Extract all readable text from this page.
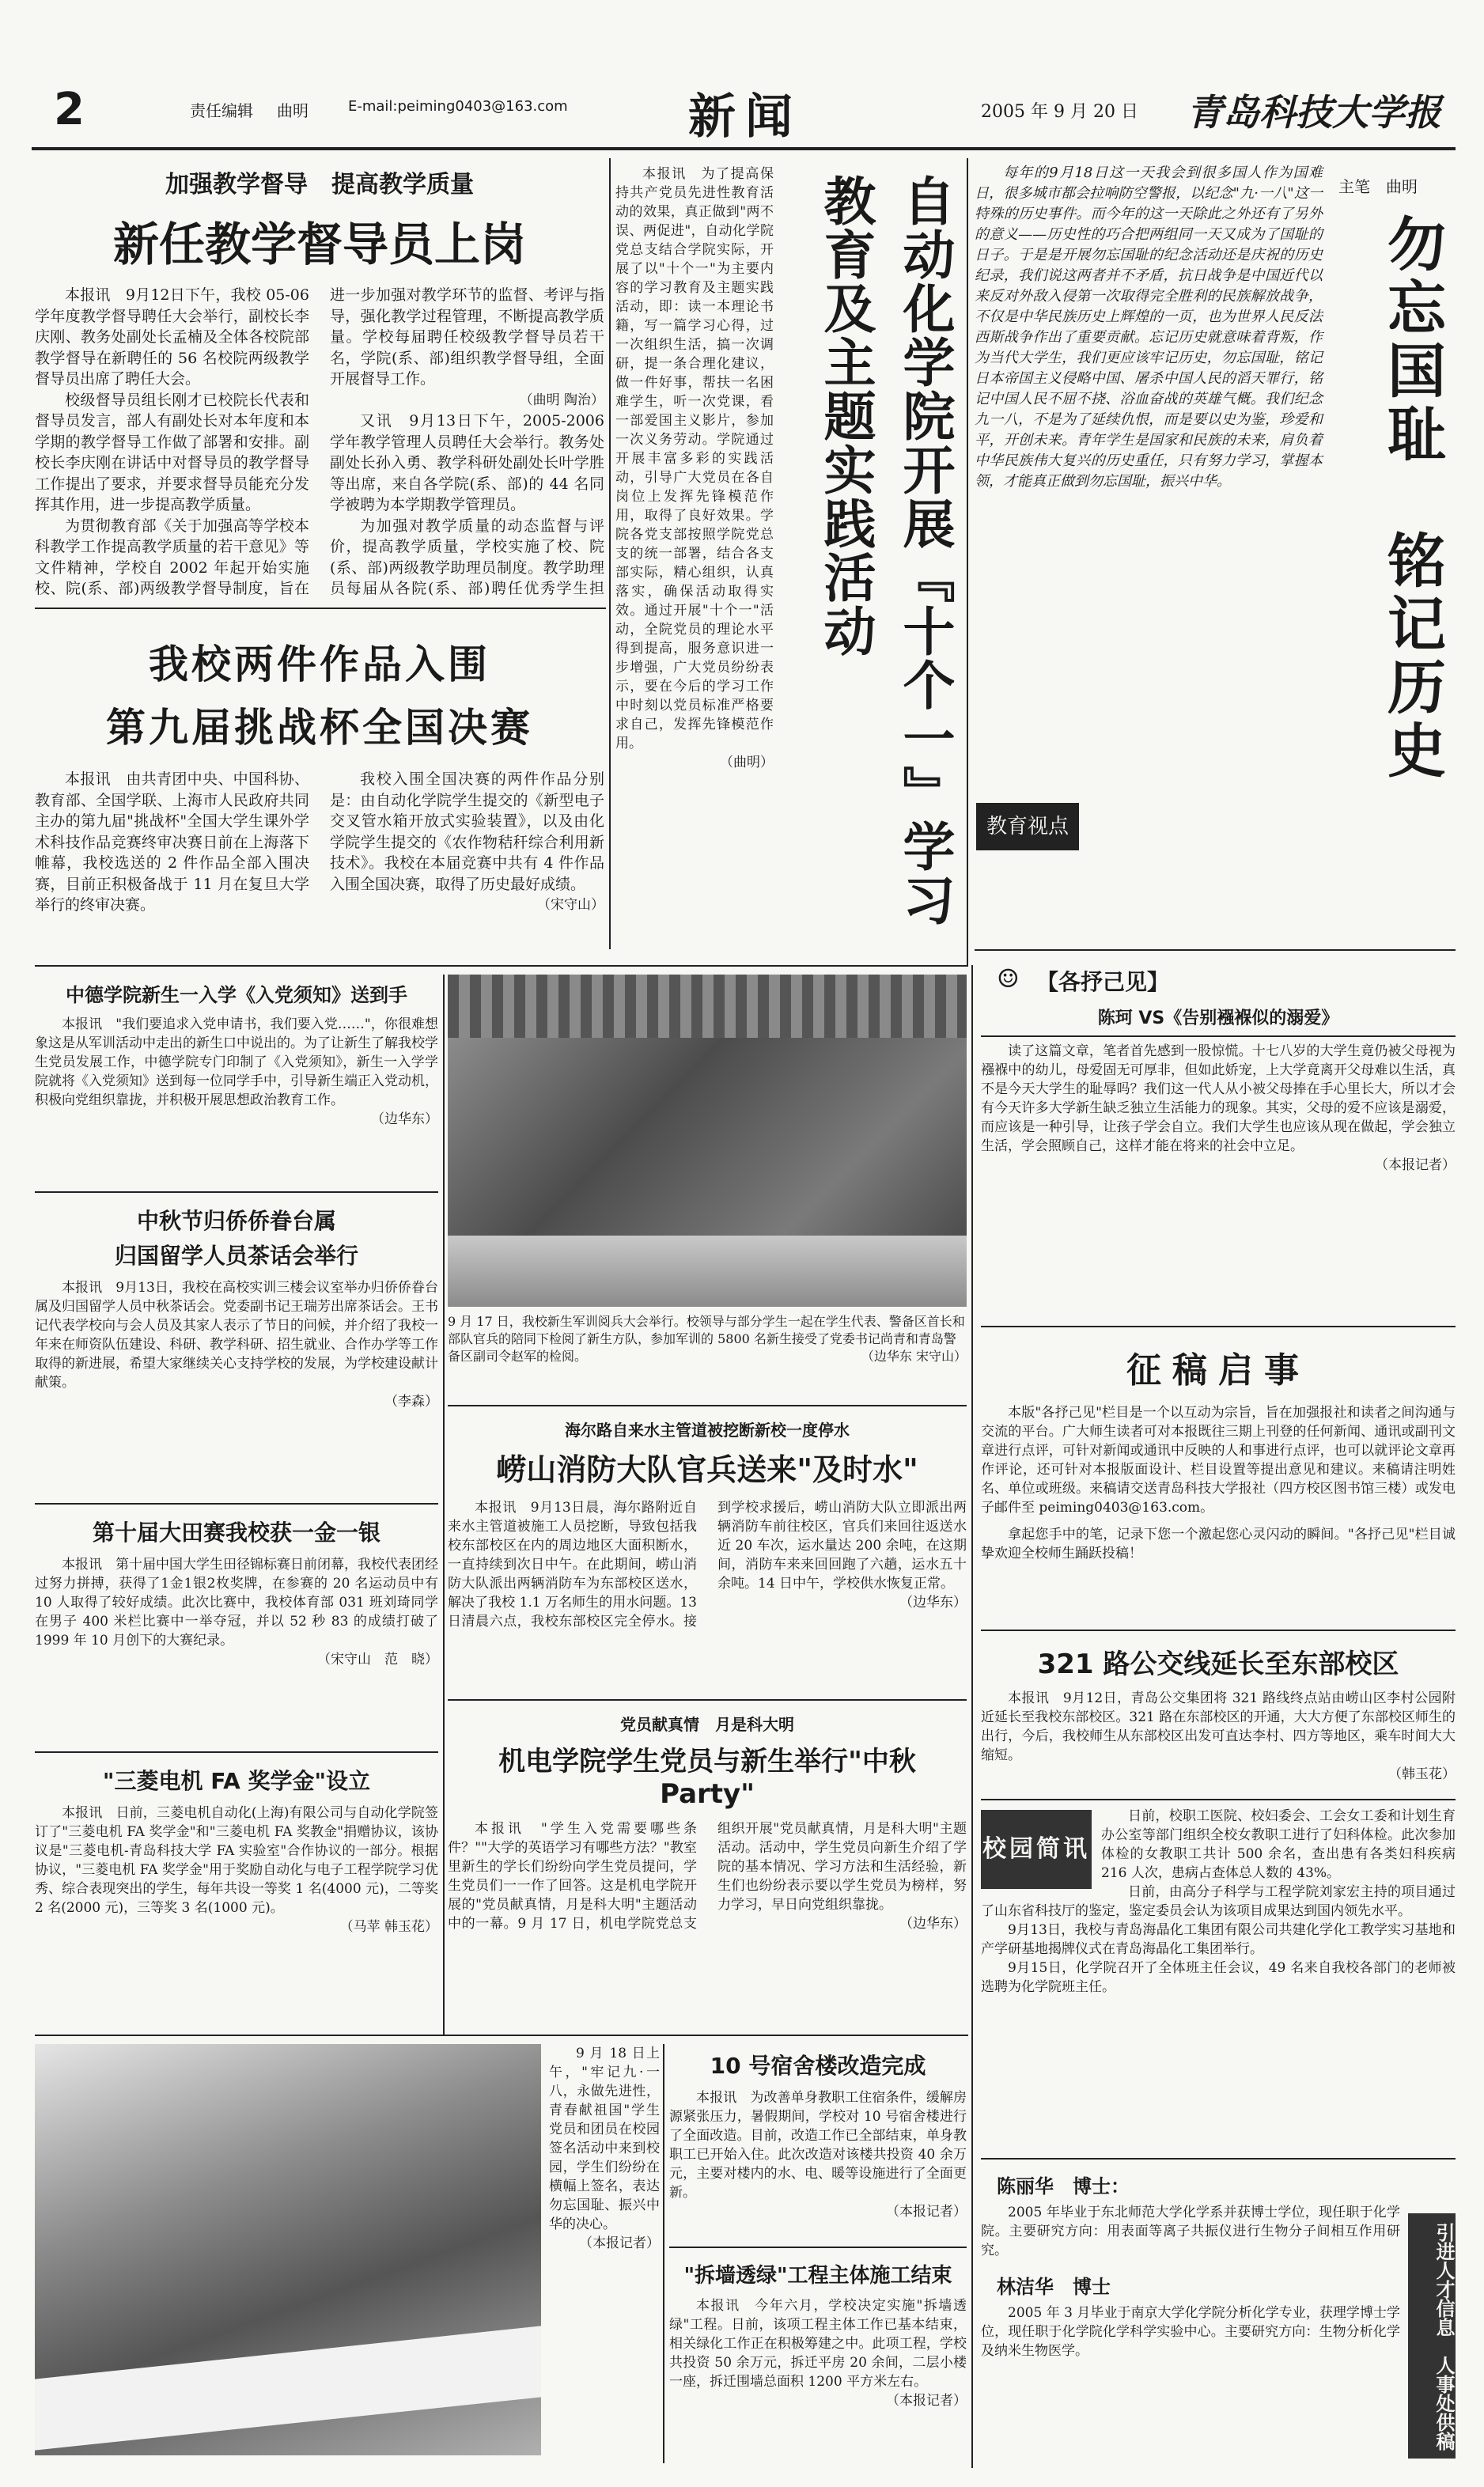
2	责任编辑 曲明	E-mail:peiming0403@163.com	新闻	2005 年 9 月 20 日 青岛科技大学报
加强教学督导　提高教学质量
新任教学督导员上岗

本报讯　9月12日下午，我校 05-06 学年度教学督导聘任大会举行，副校长李庆刚、教务处副处长孟楠及全体各校院部教学督导在新聘任的 56 名校院两级教学督导员出席了聘任大会。

校级督导员组长刚才已校院长代表和督导员发言，部人有副处长对本年度和本学期的教学督导工作做了部署和安排。副校长李庆刚在讲话中对督导员的教学督导工作提出了要求，并要求督导员能充分发挥其作用，进一步提高教学质量。

为贯彻教育部《关于加强高等学校本科教学工作提高教学质量的若干意见》等文件精神，学校自 2002 年起开始实施校、院(系、部)两级教学督导制度，旨在进一步加强对教学环节的监督、考评与指导，强化教学过程管理，不断提高教学质量。学校每届聘任校级教学督导员若干名，学院(系、部)组织教学督导组，全面开展督导工作。

（曲明 陶治）

又讯　9月13日下午，2005-2006 学年教学管理人员聘任大会举行。教务处副处长孙入勇、教学科研处副处长叶学胜等出席，来自各学院(系、部)的 44 名同学被聘为本学期教学管理员。

为加强对教学质量的动态监督与评价，提高教学质量，学校实施了校、院(系、部)两级教学助理员制度。教学助理员每届从各院(系、部)聘任优秀学生担

我校两件作品入围
第九届挑战杯全国决赛

本报讯　由共青团中央、中国科协、教育部、全国学联、上海市人民政府共同主办的第九届"挑战杯"全国大学生课外学术科技作品竞赛终审决赛日前在上海落下帷幕，我校选送的 2 件作品全部入围决赛，目前正积极备战于 11 月在复旦大学举行的终审决赛。

我校入围全国决赛的两件作品分别是：由自动化学院学生提交的《新型电子交叉管水箱开放式实验装置》，以及由化学院学生提交的《农作物秸秆综合利用新技术》。我校在本届竞赛中共有 4 件作品入围全国决赛，取得了历史最好成绩。

（宋守山）

本报讯　为了提高保持共产党员先进性教育活动的效果，真正做到"两不误、两促进"，自动化学院党总支结合学院实际，开展了以"十个一"为主要内容的学习教育及主题实践活动，即：读一本理论书籍，写一篇学习心得，过一次组织生活，搞一次调研，提一条合理化建议，做一件好事，帮扶一名困难学生，听一次党课，看一部爱国主义影片，参加一次义务劳动。学院通过开展丰富多彩的实践活动，引导广大党员在各自岗位上发挥先锋模范作用，取得了良好效果。学院各党支部按照学院党总支的统一部署，结合各支部实际，精心组织，认真落实，确保活动取得实效。通过开展"十个一"活动，全院党员的理论水平得到提高，服务意识进一步增强，广大党员纷纷表示，要在今后的学习工作中时刻以党员标准严格要求自己，发挥先锋模范作用。

（曲明）	自动化学院开展『十个一』学习教育及主题实践活动

每年的9月18日这一天我会到很多国人作为国难日，很多城市都会拉响防空警报，以纪念"九·一八"这一特殊的历史事件。而今年的这一天除此之外还有了另外的意义——历史性的巧合把两组同一天又成为了国耻的日子。于是是开展勿忘国耻的纪念活动还是庆祝的历史纪录，我们说这两者并不矛盾，抗日战争是中国近代以来反对外敌入侵第一次取得完全胜利的民族解放战争，不仅是中华民族历史上辉煌的一页，也为世界人民反法西斯战争作出了重要贡献。忘记历史就意味着背叛，作为当代大学生，我们更应该牢记历史，勿忘国耻，铭记日本帝国主义侵略中国、屠杀中国人民的滔天罪行，铭记中国人民不屈不挠、浴血奋战的英雄气概。我们纪念九一八，不是为了延续仇恨，而是要以史为鉴，珍爱和平，开创未来。青年学生是国家和民族的未来，肩负着中华民族伟大复兴的历史重任，只有努力学习，掌握本领，才能真正做到勿忘国耻，振兴中华。

主笔　曲明
勿忘国耻　铭记历史
教育视点
中德学院新生一入学《入党须知》送到手

本报讯　"我们要追求入党申请书，我们要入党……"，你很难想象这是从军训活动中走出的新生口中说出的。为了让新生了解我校学生党员发展工作，中德学院专门印制了《入党须知》，新生一入学学院就将《入党须知》送到每一位同学手中，引导新生端正入党动机，积极向党组织靠拢，并积极开展思想政治教育工作。

（边华东）
中秋节归侨侨眷台属
归国留学人员茶话会举行

本报讯　9月13日，我校在高校实训三楼会议室举办归侨侨眷台属及归国留学人员中秋茶话会。党委副书记王瑞芳出席茶话会。王书记代表学校向与会人员及其家人表示了节日的问候，并介绍了我校一年来在师资队伍建设、科研、教学科研、招生就业、合作办学等工作取得的新进展，希望大家继续关心支持学校的发展，为学校建设献计献策。

（李森）
第十届大田赛我校获一金一银

本报讯　第十届中国大学生田径锦标赛日前闭幕，我校代表团经过努力拼搏，获得了1金1银2枚奖牌，在参赛的 20 名运动员中有 10 人取得了较好成绩。此次比赛中，我校体育部 031 班刘琦同学在男子 400 米栏比赛中一举夺冠，并以 52 秒 83 的成绩打破了 1999 年 10 月创下的大赛纪录。

（宋守山　范　晓）
"三菱电机 FA 奖学金"设立

本报讯　日前，三菱电机自动化(上海)有限公司与自动化学院签订了"三菱电机 FA 奖学金"和"三菱电机 FA 奖教金"捐赠协议，该协议是"三菱电机-青岛科技大学 FA 实验室"合作协议的一部分。根据协议，"三菱电机 FA 奖学金"用于奖励自动化与电子工程学院学习优秀、综合表现突出的学生，每年共设一等奖 1 名(4000 元)，二等奖 2 名(2000 元)，三等奖 3 名(1000 元)。

（马苹 韩玉花）
9 月 17 日，我校新生军训阅兵大会举行。校领导与部分学生一起在学生代表、警备区首长和部队官兵的陪同下检阅了新生方队，参加军训的 5800 名新生接受了党委书记尚青和青岛警备区副司令赵军的检阅。	（边华东 宋守山）
海尔路自来水主管道被挖断新校一度停水
崂山消防大队官兵送来"及时水"

本报讯　9月13日晨，海尔路附近自来水主管道被施工人员挖断，导致包括我校东部校区在内的周边地区大面积断水，一直持续到次日中午。在此期间，崂山消防大队派出两辆消防车为东部校区送水，解决了我校 1.1 万名师生的用水问题。13 日清晨六点，我校东部校区完全停水。接到学校求援后，崂山消防大队立即派出两辆消防车前往校区，官兵们来回往返送水近 20 车次，运水量达 200 余吨，在这期间，消防车来来回回跑了六趟，运水五十余吨。14 日中午，学校供水恢复正常。

（边华东）
党员献真情　月是科大明
机电学院学生党员与新生举行"中秋 Party"

本报讯　"学生入党需要哪些条件？""大学的英语学习有哪些方法？"教室里新生的学长们纷纷向学生党员提问，学生党员们一一作了回答。这是机电学院开展的"党员献真情，月是科大明"主题活动中的一幕。9 月 17 日，机电学院党总支组织开展"党员献真情，月是科大明"主题活动。活动中，学生党员向新生介绍了学院的基本情况、学习方法和生活经验，新生们也纷纷表示要以学生党员为榜样，努力学习，早日向党组织靠拢。

（边华东）

9 月 18 日上午，"牢记九·一八，永做先进性，青春献祖国"学生党员和团员在校园签名活动中来到校园，学生们纷纷在横幅上签名，表达勿忘国耻、振兴中华的决心。

（本报记者）
10 号宿舍楼改造完成

本报讯　为改善单身教职工住宿条件，缓解房源紧张压力，暑假期间，学校对 10 号宿舍楼进行了全面改造。目前，改造工作已全部结束，单身教职工已开始入住。此次改造对该楼共投资 40 余万元，主要对楼内的水、电、暖等设施进行了全面更新。

（本报记者）
"拆墙透绿"工程主体施工结束

本报讯　今年六月，学校决定实施"拆墙透绿"工程。日前，该项工程主体工作已基本结束，相关绿化工作正在积极筹建之中。此项工程，学校共投资 50 余万元，拆迁平房 20 余间，二层小楼一座，拆迁围墙总面积 1200 平方米左右。

（本报记者）
☺ 【各抒己见】
陈珂 VS《告别襁褓似的溺爱》

读了这篇文章，笔者首先感到一股惊慌。十七八岁的大学生竟仍被父母视为襁褓中的幼儿，母爱固无可厚非，但如此娇宠，上大学竟离开父母难以生活，真不是今天大学生的耻辱吗？我们这一代人从小被父母捧在手心里长大，所以才会有今天许多大学新生缺乏独立生活能力的现象。其实，父母的爱不应该是溺爱，而应该是一种引导，让孩子学会自立。我们大学生也应该从现在做起，学会独立生活，学会照顾自己，这样才能在将来的社会中立足。

（本报记者）
征稿启事

本版"各抒己见"栏目是一个以互动为宗旨，旨在加强报社和读者之间沟通与交流的平台。广大师生读者可对本报既往三期上刊登的任何新闻、通讯或副刊文章进行点评，可针对新闻或通讯中反映的人和事进行点评，也可以就评论文章再作评论，还可针对本报版面设计、栏目设置等提出意见和建议。来稿请注明姓名、单位或班级。来稿请交送青岛科技大学报社（四方校区图书馆三楼）或发电子邮件至 peiming0403@163.com。

拿起您手中的笔，记录下您一个激起您心灵闪动的瞬间。"各抒己见"栏目诚挚欢迎全校师生踊跃投稿！

321 路公交线延长至东部校区

本报讯　9月12日，青岛公交集团将 321 路线终点站由崂山区李村公园附近延长至我校东部校区。321 路在东部校区的开通，大大方便了东部校区师生的出行，今后，我校师生从东部校区出发可直达李村、四方等地区，乘车时间大大缩短。

（韩玉花）
校园简讯

日前，校职工医院、校妇委会、工会女工委和计划生育办公室等部门组织全校女教职工进行了妇科体检。此次参加体检的女教职工共计 500 余名，查出患有各类妇科疾病 216 人次，患病占查体总人数的 43%。

日前，由高分子科学与工程学院刘家宏主持的项目通过了山东省科技厅的鉴定，鉴定委员会认为该项目成果达到国内领先水平。

9月13日，我校与青岛海晶化工集团有限公司共建化学化工教学实习基地和产学研基地揭牌仪式在青岛海晶化工集团举行。

9月15日，化学院召开了全体班主任会议，49 名来自我校各部门的老师被选聘为化学院班主任。

陈丽华　博士：

2005 年毕业于东北师范大学化学系并获博士学位，现任职于化学院。主要研究方向：用表面等离子共振仪进行生物分子间相互作用研究。

林洁华　博士

2005 年 3 月毕业于南京大学化学院分析化学专业，获理学博士学位，现任职于化学院化学科学实验中心。主要研究方向：生物分析化学及纳米生物医学。	引进人才信息　人事处供稿
